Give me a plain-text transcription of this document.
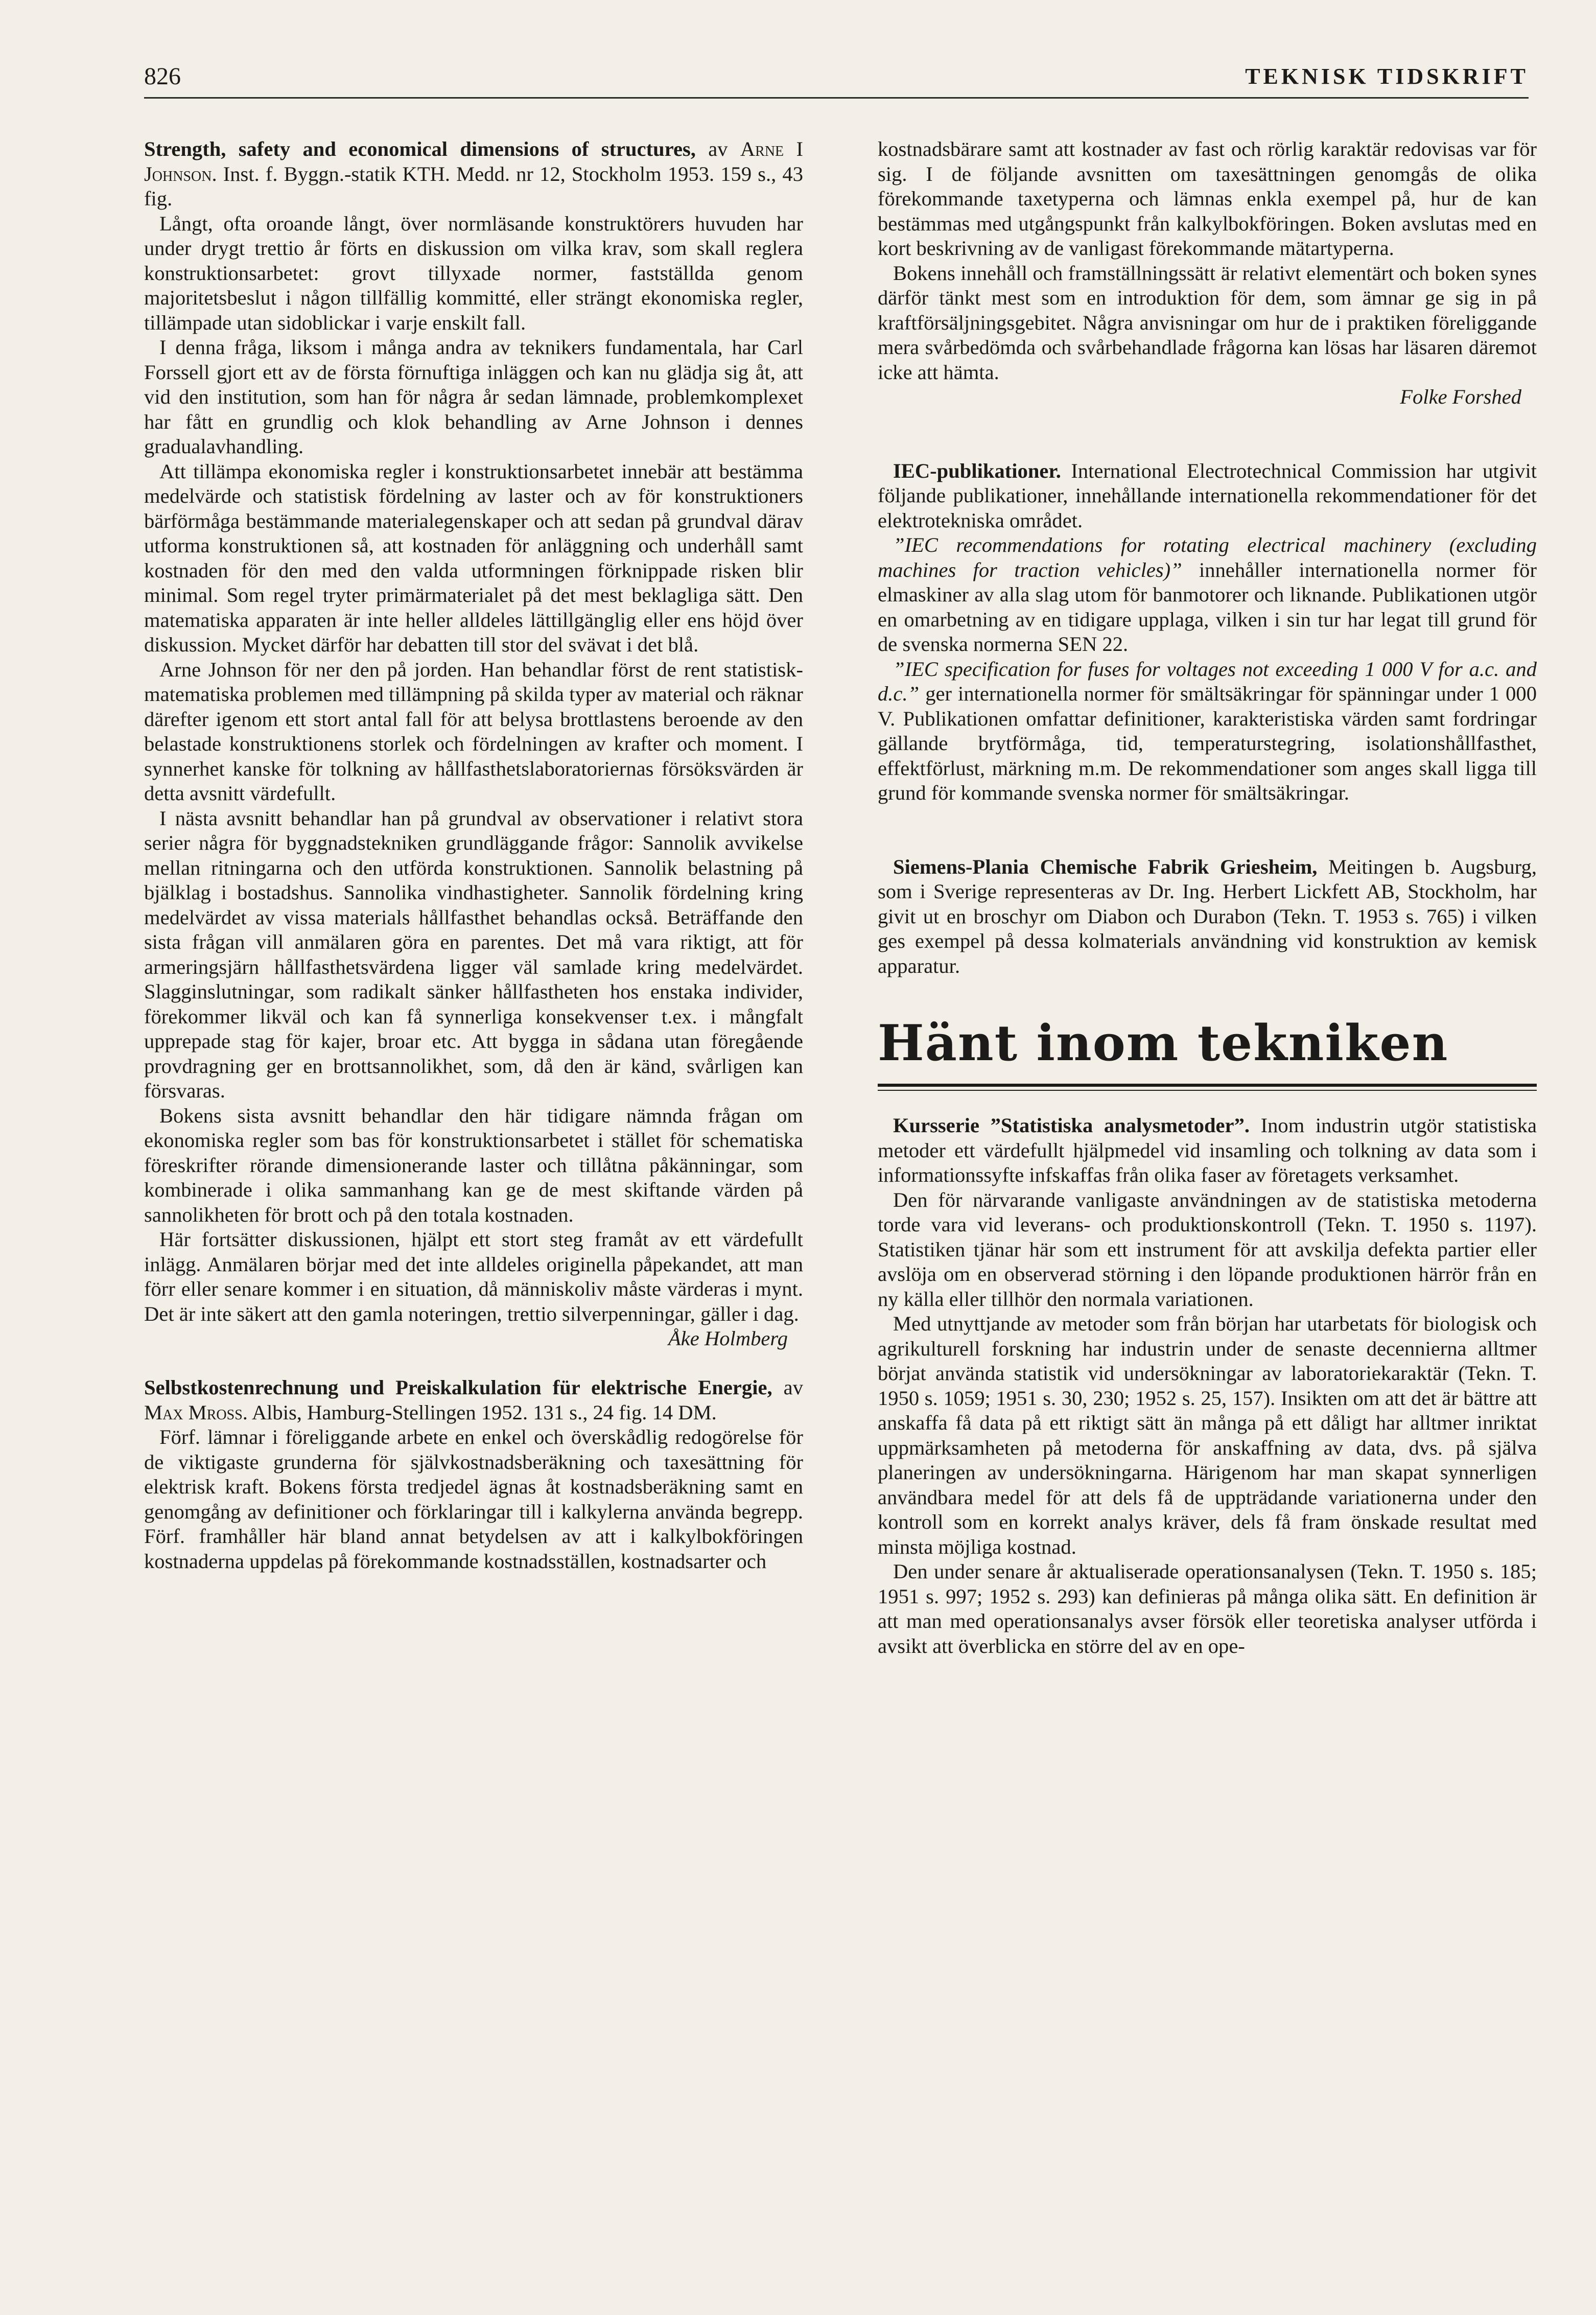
826	TEKNISK TIDSKRIFT

Strength, safety and economical dimensions of structures, av Arne I Johnson. Inst. f. Byggn.-statik KTH. Medd. nr 12, Stockholm 1953. 159 s., 43 fig.

Långt, ofta oroande långt, över normläsande konstruktörers huvuden har under drygt trettio år förts en diskussion om vilka krav, som skall reglera konstruktionsarbetet: grovt tillyxade normer, fastställda genom majoritetsbeslut i någon tillfällig kommitté, eller strängt ekonomiska regler, tillämpade utan sidoblickar i varje enskilt fall.

I denna fråga, liksom i många andra av teknikers fundamentala, har Carl Forssell gjort ett av de första förnuftiga inläggen och kan nu glädja sig åt, att vid den institution, som han för några år sedan lämnade, problemkomplexet har fått en grundlig och klok behandling av Arne Johnson i dennes gradualavhandling.

Att tillämpa ekonomiska regler i konstruktionsarbetet innebär att bestämma medelvärde och statistisk fördelning av laster och av för konstruktioners bärförmåga bestämmande materialegenskaper och att sedan på grundval därav utforma konstruktionen så, att kostnaden för anläggning och underhåll samt kostnaden för den med den valda utformningen förknippade risken blir minimal. Som regel tryter primärmaterialet på det mest beklagliga sätt. Den matematiska apparaten är inte heller alldeles lättillgänglig eller ens höjd över diskussion. Mycket därför har debatten till stor del svävat i det blå.

Arne Johnson för ner den på jorden. Han behandlar först de rent statistisk-matematiska problemen med tillämpning på skilda typer av material och räknar därefter igenom ett stort antal fall för att belysa brottlastens beroende av den belastade konstruktionens storlek och fördelningen av krafter och moment. I synnerhet kanske för tolkning av hållfasthetslaboratoriernas försöksvärden är detta avsnitt värdefullt.

I nästa avsnitt behandlar han på grundval av observationer i relativt stora serier några för byggnadstekniken grundläggande frågor: Sannolik avvikelse mellan ritningarna och den utförda konstruktionen. Sannolik belastning på bjälklag i bostadshus. Sannolika vindhastigheter. Sannolik fördelning kring medelvärdet av vissa materials hållfasthet behandlas också. Beträffande den sista frågan vill anmälaren göra en parentes. Det må vara riktigt, att för armeringsjärn hållfasthetsvärdena ligger väl samlade kring medelvärdet. Slagginslutningar, som radikalt sänker hållfastheten hos enstaka individer, förekommer likväl och kan få synnerliga konsekvenser t.ex. i mångfalt upprepade stag för kajer, broar etc. Att bygga in sådana utan föregående provdragning ger en brottsannolikhet, som, då den är känd, svårligen kan försvaras.

Bokens sista avsnitt behandlar den här tidigare nämnda frågan om ekonomiska regler som bas för konstruktionsarbetet i stället för schematiska föreskrifter rörande dimensionerande laster och tillåtna påkänningar, som kombinerade i olika sammanhang kan ge de mest skiftande värden på sannolikheten för brott och på den totala kostnaden.

Här fortsätter diskussionen, hjälpt ett stort steg framåt av ett värdefullt inlägg. Anmälaren börjar med det inte alldeles originella påpekandet, att man förr eller senare kommer i en situation, då människoliv måste värderas i mynt. Det är inte säkert att den gamla noteringen, trettio silverpenningar, gäller i dag.
Åke Holmberg

Selbstkostenrechnung und Preiskalkulation für elektrische Energie, av Max Mross. Albis, Hamburg-Stellingen 1952. 131 s., 24 fig. 14 DM.

Förf. lämnar i föreliggande arbete en enkel och överskådlig redogörelse för de viktigaste grunderna för självkostnadsberäkning och taxesättning för elektrisk kraft. Bokens första tredjedel ägnas åt kostnadsberäkning samt en genomgång av definitioner och förklaringar till i kalkylerna använda begrepp. Förf. framhåller här bland annat betydelsen av att i kalkylbokföringen kostnaderna uppdelas på förekommande kostnadsställen, kostnadsarter och

kostnadsbärare samt att kostnader av fast och rörlig karaktär redovisas var för sig. I de följande avsnitten om taxesättningen genomgås de olika förekommande taxetyperna och lämnas enkla exempel på, hur de kan bestämmas med utgångspunkt från kalkylbokföringen. Boken avslutas med en kort beskrivning av de vanligast förekommande mätartyperna.

Bokens innehåll och framställningssätt är relativt elementärt och boken synes därför tänkt mest som en introduktion för dem, som ämnar ge sig in på kraftförsäljningsgebitet. Några anvisningar om hur de i praktiken föreliggande mera svårbedömda och svårbehandlade frågorna kan lösas har läsaren däremot icke att hämta.

Folke Forshed

IEC-publikationer. International Electrotechnical Commission har utgivit följande publikationer, innehållande internationella rekommendationer för det elektrotekniska området.

”IEC recommendations for rotating electrical machinery (excluding machines for traction vehicles)” innehåller internationella normer för elmaskiner av alla slag utom för banmotorer och liknande. Publikationen utgör en omarbetning av en tidigare upplaga, vilken i sin tur har legat till grund för de svenska normerna SEN 22.

”IEC specification for fuses for voltages not exceeding 1 000 V for a.c. and d.c.” ger internationella normer för smältsäkringar för spänningar under 1 000 V. Publikationen omfattar definitioner, karakteristiska värden samt fordringar gällande brytförmåga, tid, temperaturstegring, isolationshållfasthet, effektförlust, märkning m.m. De rekommendationer som anges skall ligga till grund för kommande svenska normer för smältsäkringar.

Siemens-Plania Chemische Fabrik Griesheim, Meitingen b. Augsburg, som i Sverige representeras av Dr. Ing. Herbert Lickfett AB, Stockholm, har givit ut en broschyr om Diabon och Durabon (Tekn. T. 1953 s. 765) i vilken ges exempel på dessa kolmaterials användning vid konstruktion av kemisk apparatur.

Hänt inom tekniken

Kursserie ”Statistiska analysmetoder”. Inom industrin utgör statistiska metoder ett värdefullt hjälpmedel vid insamling och tolkning av data som i informationssyfte infskaffas från olika faser av företagets verksamhet.

Den för närvarande vanligaste användningen av de statistiska metoderna torde vara vid leverans- och produktionskontroll (Tekn. T. 1950 s. 1197). Statistiken tjänar här som ett instrument för att avskilja defekta partier eller avslöja om en observerad störning i den löpande produktionen härrör från en ny källa eller tillhör den normala variationen.

Med utnyttjande av metoder som från början har utarbetats för biologisk och agrikulturell forskning har industrin under de senaste decennierna alltmer börjat använda statistik vid undersökningar av laboratoriekaraktär (Tekn. T. 1950 s. 1059; 1951 s. 30, 230; 1952 s. 25, 157). Insikten om att det är bättre att anskaffa få data på ett riktigt sätt än många på ett dåligt har alltmer inriktat uppmärksamheten på metoderna för anskaffning av data, dvs. på själva planeringen av undersökningarna. Härigenom har man skapat synnerligen användbara medel för att dels få de uppträdande variationerna under den kontroll som en korrekt analys kräver, dels få fram önskade resultat med minsta möjliga kostnad.

Den under senare år aktualiserade operationsanalysen (Tekn. T. 1950 s. 185; 1951 s. 997; 1952 s. 293) kan definieras på många olika sätt. En definition är att man med operationsanalys avser försök eller teoretiska analyser utförda i avsikt att överblicka en större del av en ope-
